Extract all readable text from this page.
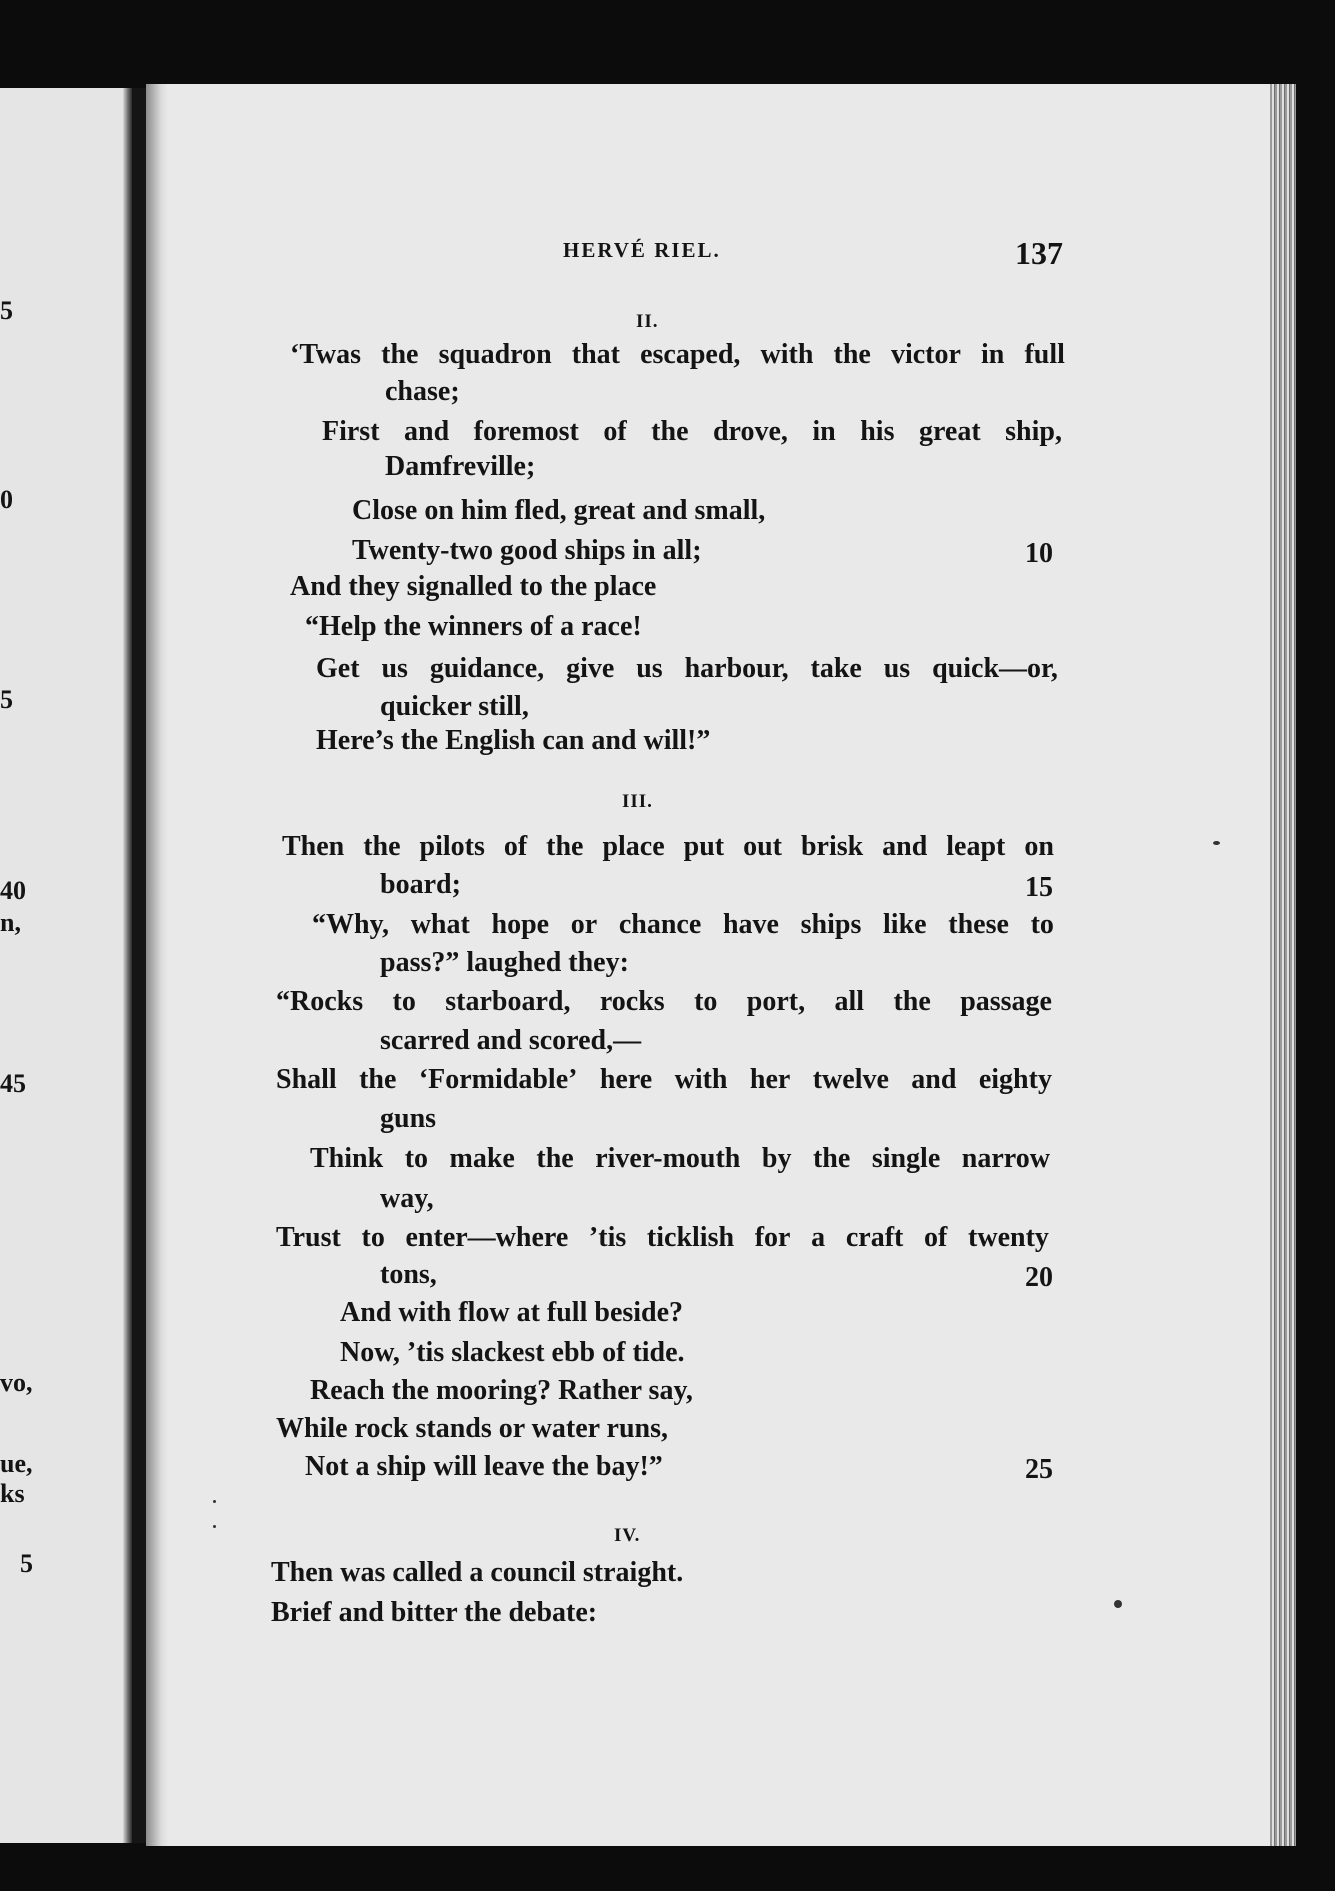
HERVÉ RIEL.	137
II.
‘Twas the squadron that escaped, with the victor in full
chase;
First and foremost of the drove, in his great ship,
Damfreville;
Close on him fled, great and small,
Twenty-two good ships in all;	10
And they signalled to the place
“Help the winners of a race!
Get us guidance, give us harbour, take us quick—or,
quicker still,
Here’s the English can and will!”
III.
Then the pilots of the place put out brisk and leapt on
board;	15
“Why, what hope or chance have ships like these to
pass?” laughed they:
“Rocks to starboard, rocks to port, all the passage
scarred and scored,—
Shall the ‘Formidable’ here with her twelve and eighty
guns
Think to make the river-mouth by the single narrow
way,
Trust to enter—where ’tis ticklish for a craft of twenty
tons,	20
And with flow at full beside?
Now, ’tis slackest ebb of tide.
Reach the mooring? Rather say,
While rock stands or water runs,
Not a ship will leave the bay!”	25
IV.
Then was called a council straight.
Brief and bitter the debate:
5
0
5
40
n,
45
vo,
ue,
ks
5
